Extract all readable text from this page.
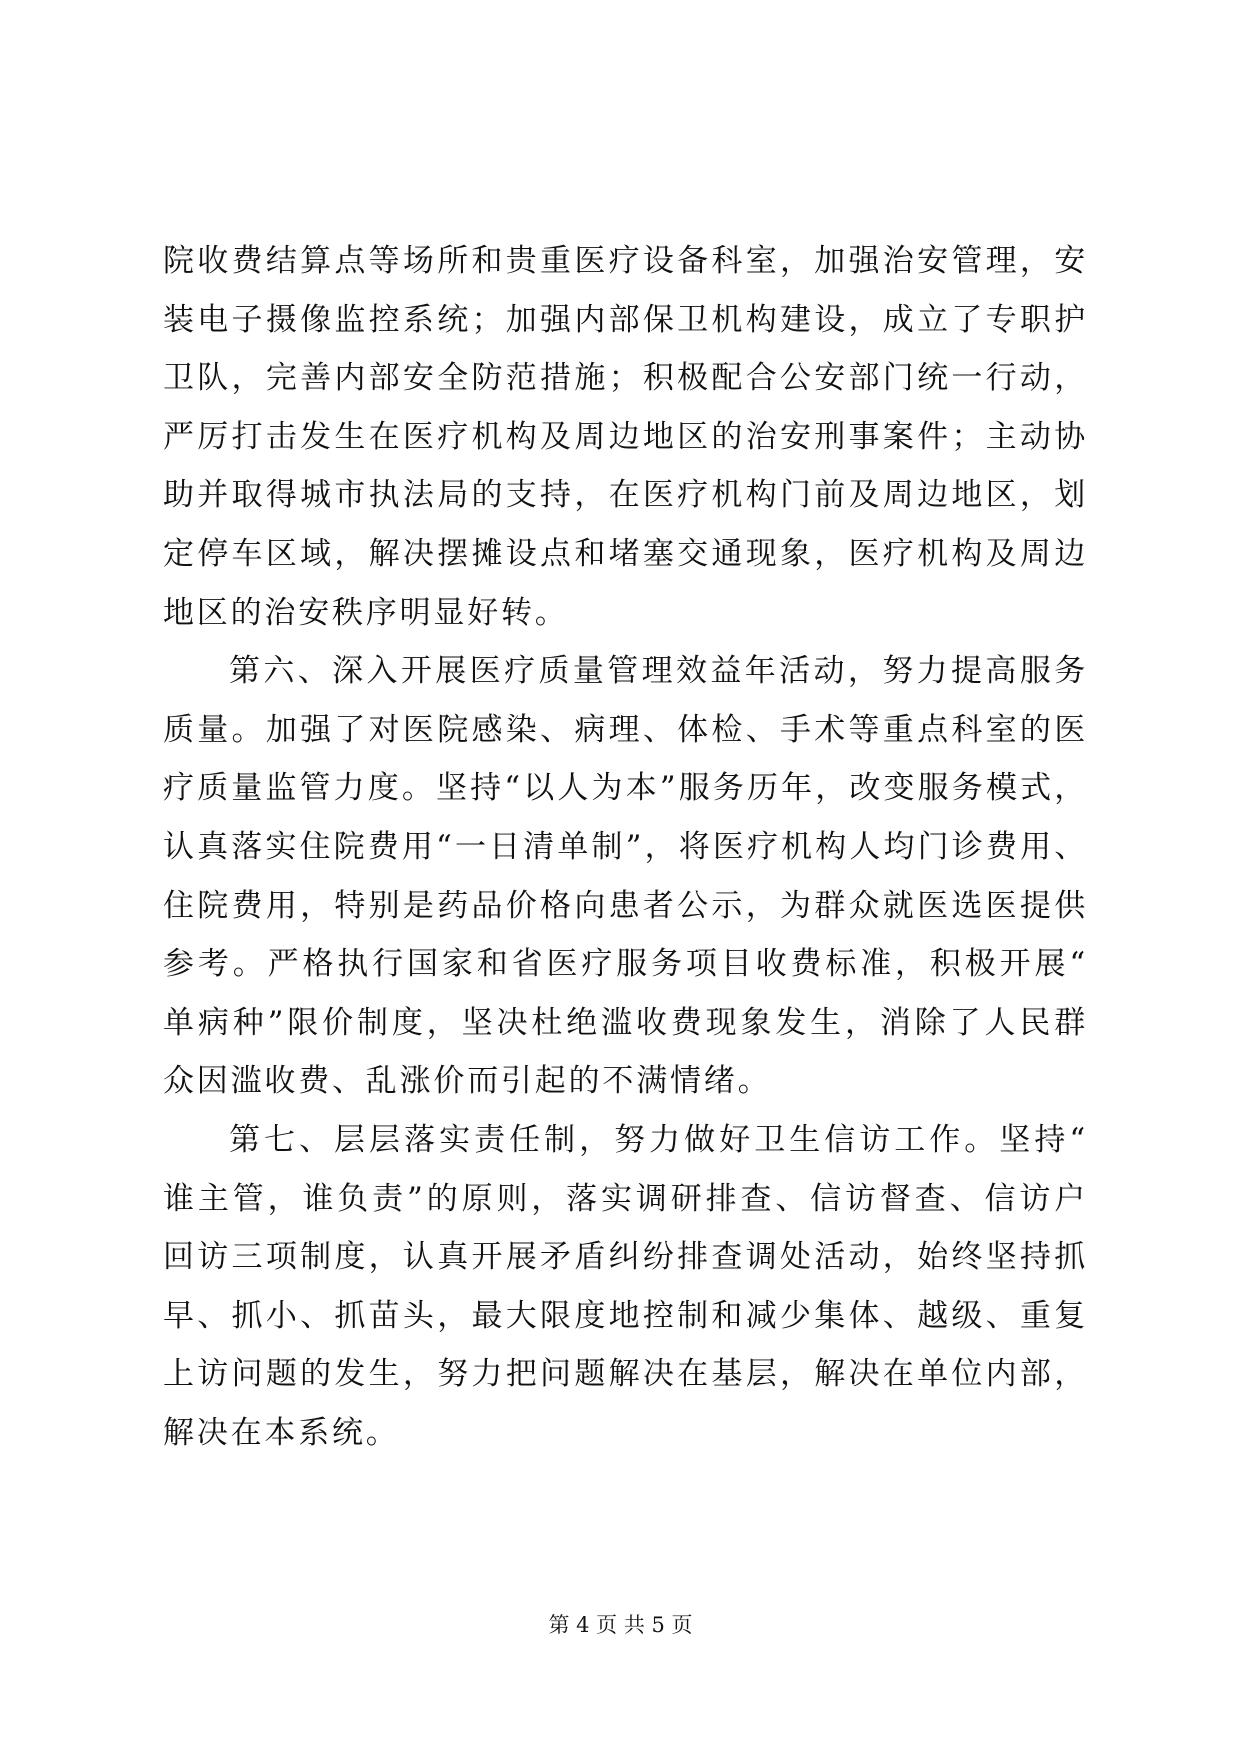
院收费结算点等场所和贵重医疗设备科室，加强治安管理，安装电子摄像监控系统；加强内部保卫机构建设，成立了专职护卫队，完善内部安全防范措施；积极配合公安部门统一行动，严厉打击发生在医疗机构及周边地区的治安刑事案件；主动协助并取得城市执法局的支持，在医疗机构门前及周边地区，划定停车区域，解决摆摊设点和堵塞交通现象，医疗机构及周边地区的治安秩序明显好转。

第六、深入开展医疗质量管理效益年活动，努力提高服务质量。加强了对医院感染、病理、体检、手术等重点科室的医疗质量监管力度。坚持“以人为本”服务历年，改变服务模式，认真落实住院费用“一日清单制”，将医疗机构人均门诊费用、住院费用，特别是药品价格向患者公示，为群众就医选医提供参考。严格执行国家和省医疗服务项目收费标准，积极开展“单病种”限价制度，坚决杜绝滥收费现象发生，消除了人民群众因滥收费、乱涨价而引起的不满情绪。

第七、层层落实责任制，努力做好卫生信访工作。坚持“谁主管，谁负责”的原则，落实调研排查、信访督查、信访户回访三项制度，认真开展矛盾纠纷排查调处活动，始终坚持抓早、抓小、抓苗头，最大限度地控制和减少集体、越级、重复上访问题的发生，努力把问题解决在基层，解决在单位内部，解决在本系统。

第 4 页 共 5 页
